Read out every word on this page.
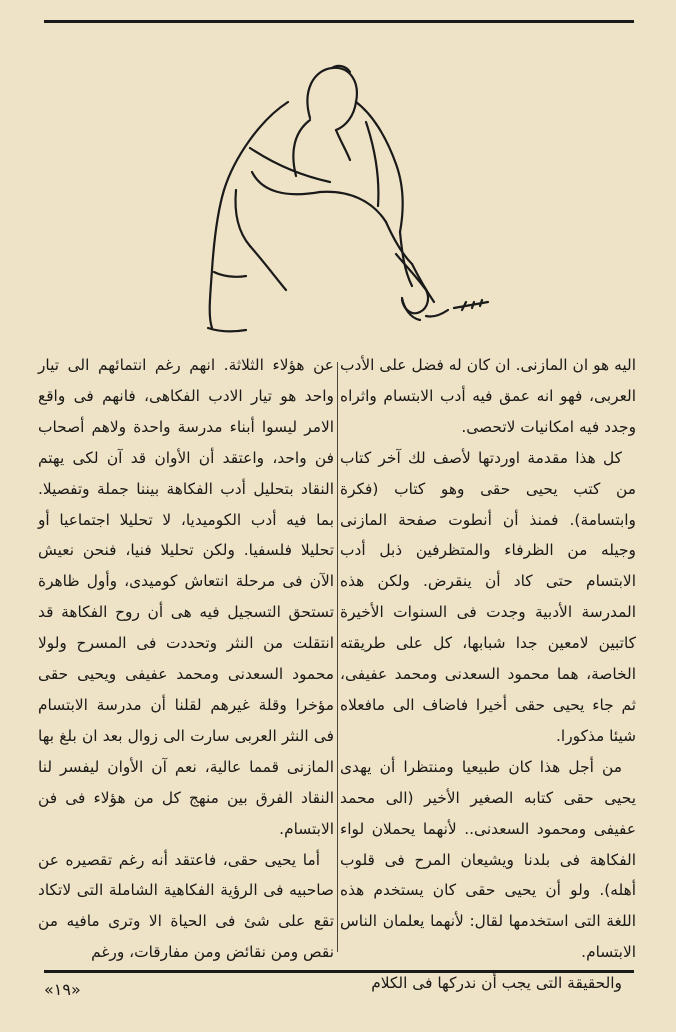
اليه هو ان المازنى. ان كان له فضل على الأدب العربى، فهو انه عمق فيه أدب الابتسام واثراه وجدد فيه امكانيات لاتحصى.

كل هذا مقدمة اوردتها لأصف لك آخر كتاب من كتب يحيى حقى وهو كتاب (فكرة وابتسامة). فمنذ أن أنطوت صفحة المازنى وجيله من الظرفاء والمتظرفين ذبل أدب الابتسام حتى كاد أن ينقرض. ولكن هذه المدرسة الأدبية وجدت فى السنوات الأخيرة كاتبين لامعين جدا شبابها، كل على طريقته الخاصة، هما محمود السعدنى ومحمد عفيفى، ثم جاء يحيى حقى أخيرا فاضاف الى مافعلاه شيئا مذكورا.

من أجل هذا كان طبيعيا ومنتظرا أن يهدى يحيى حقى كتابه الصغير الأخير (الى محمد عفيفى ومحمود السعدنى.. لأنهما يحملان لواء الفكاهة فى بلدنا ويشيعان المرح فى قلوب أهله). ولو أن يحيى حقى كان يستخدم هذه اللغة التى استخدمها لقال: لأنهما يعلمان الناس الابتسام.

والحقيقة التى يجب أن ندركها فى الكلام

عن هؤلاء الثلاثة. انهم رغم انتمائهم الى تيار واحد هو تيار الادب الفكاهى، فانهم فى واقع الامر ليسوا أبناء مدرسة واحدة ولاهم أصحاب فن واحد، واعتقد أن الأوان قد آن لكى يهتم النقاد بتحليل أدب الفكاهة بيننا جملة وتفصيلا. بما فيه أدب الكوميديا، لا تحليلا اجتماعيا أو تحليلا فلسفيا. ولكن تحليلا فنيا، فنحن نعيش الآن فى مرحلة انتعاش كوميدى، وأول ظاهرة تستحق التسجيل فيه هى أن روح الفكاهة قد انتقلت من النثر وتحددت فى المسرح ولولا محمود السعدنى ومحمد عفيفى ويحيى حقى مؤخرا وقلة غيرهم لقلنا أن مدرسة الابتسام فى النثر العربى سارت الى زوال بعد ان بلغ بها المازنى قمما عالية، نعم آن الأوان ليفسر لنا النقاد الفرق بين منهج كل من هؤلاء فى فن الابتسام.

أما يحيى حقى، فاعتقد أنه رغم تقصيره عن صاحبيه فى الرؤية الفكاهية الشاملة التى لاتكاد تقع على شئ فى الحياة الا وترى مافيه من نقص ومن نقائض ومن مفارقات، ورغم

«١٩»
